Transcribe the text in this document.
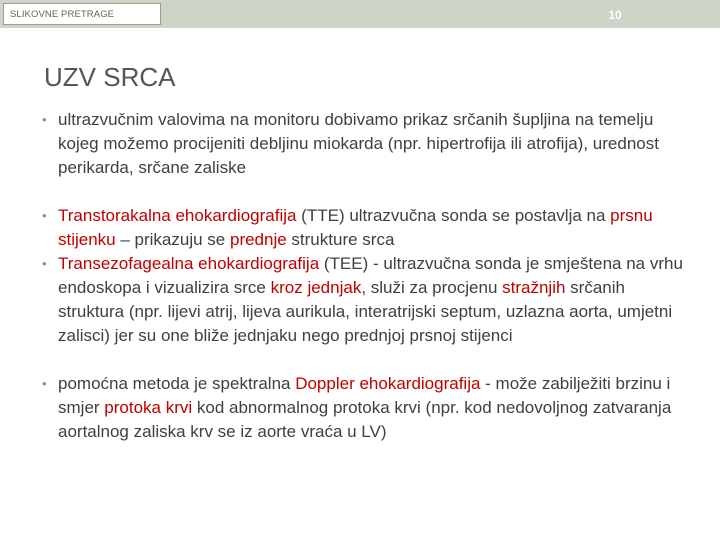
SLIKOVNE PRETRAGE	10
UZV SRCA
• ultrazvučnim valovima na monitoru dobivamo prikaz srčanih šupljina na temelju kojeg možemo procijeniti debljinu miokarda (npr. hipertrofija ili atrofija), urednost perikarda, srčane zaliske
• Transtorakalna ehokardiografija (TTE) ultrazvučna sonda se postavlja na prsnu stijenku – prikazuju se prednje strukture srca
• Transezofagealna ehokardiografija (TEE) - ultrazvučna sonda je smještena na vrhu endoskopa i vizualizira srce kroz jednjak, služi za procjenu stražnjih srčanih struktura (npr. lijevi atrij, lijeva aurikula, interatrijski septum, uzlazna aorta, umjetni zalisci) jer su one bliže jednjaku nego prednjoj prsnoj stijenci
• pomoćna metoda je spektralna Doppler ehokardiografija - može zabilježiti brzinu i smjer protoka krvi kod abnormalnog protoka krvi (npr. kod nedovoljnog zatvaranja aortalnog zaliska krv se iz aorte vraća u LV)
